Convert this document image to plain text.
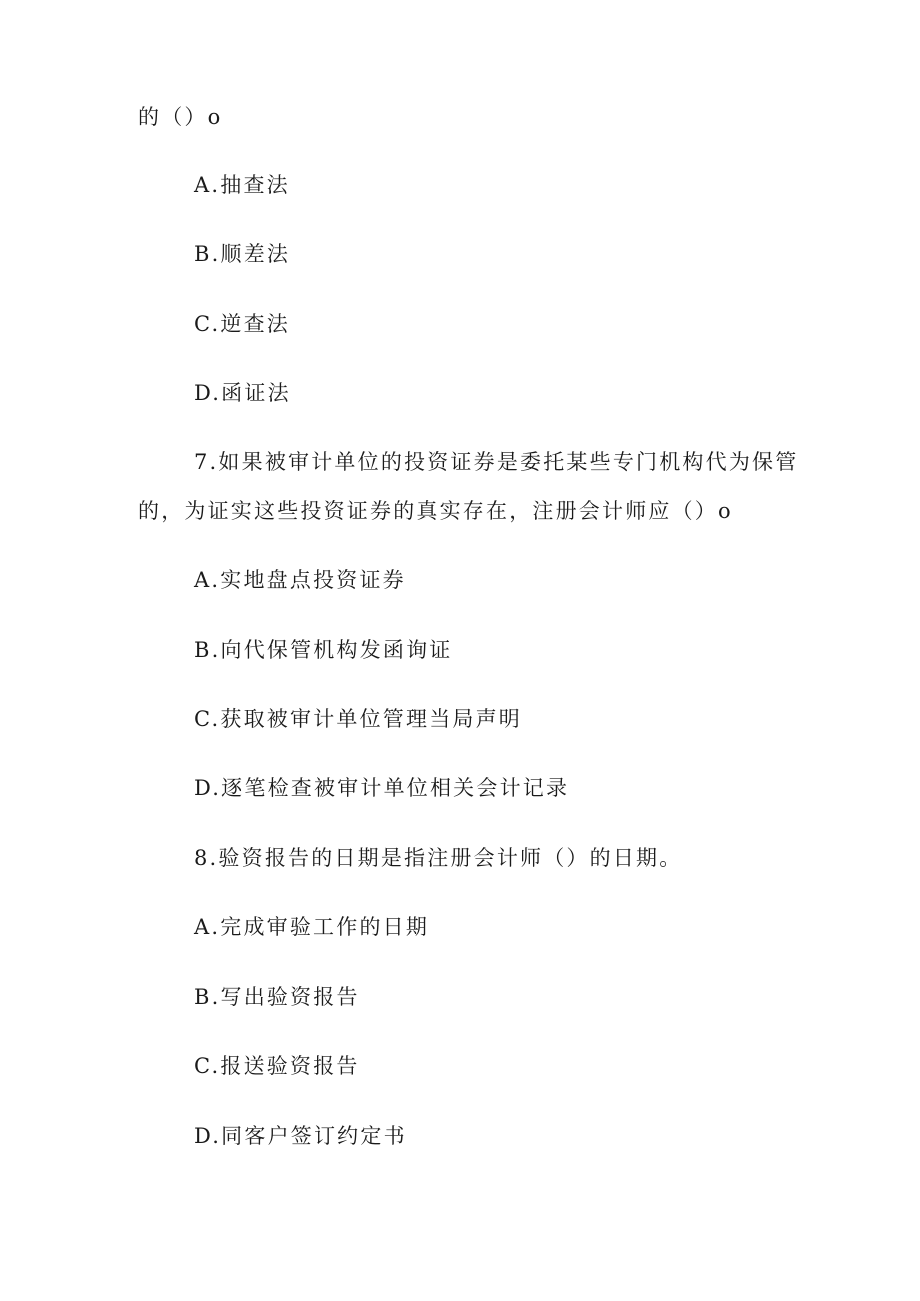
的（）o
A.抽查法
B.顺差法
C.逆查法
D.函证法
7.如果被审计单位的投资证券是委托某些专门机构代为保管
的，为证实这些投资证券的真实存在，注册会计师应（）o
A.实地盘点投资证券
B.向代保管机构发函询证
C.获取被审计单位管理当局声明
D.逐笔检查被审计单位相关会计记录
8.验资报告的日期是指注册会计师（）的日期。
A.完成审验工作的日期
B.写出验资报告
C.报送验资报告
D.同客户签订约定书
